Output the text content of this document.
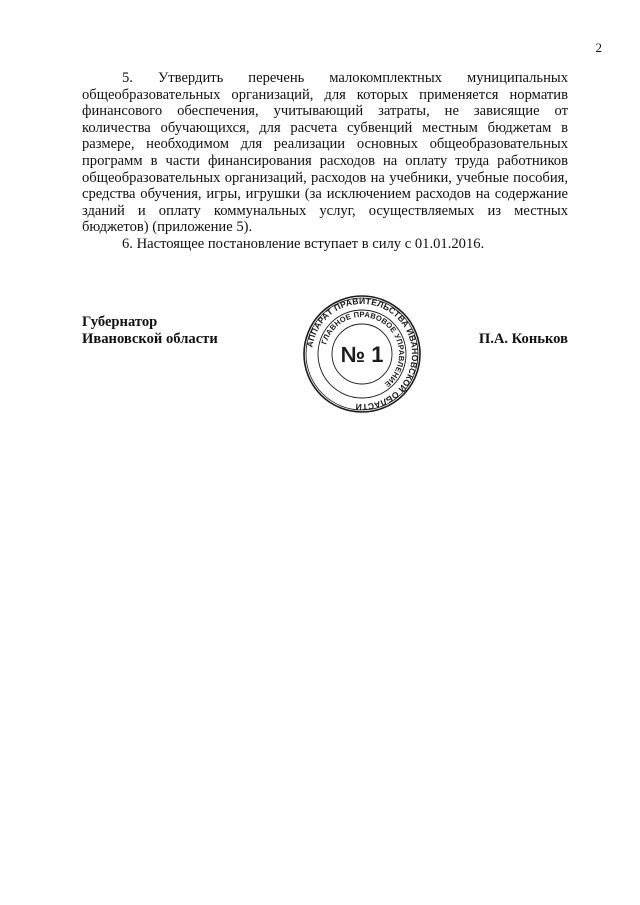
2

5. Утвердить перечень малокомплектных муниципальных общеобразовательных организаций, для которых применяется норматив финансового обеспечения, учитывающий затраты, не зависящие от количества обучающихся, для расчета субвенций местным бюджетам в размере, необходимом для реализации основных общеобразовательных программ в части финансирования расходов на оплату труда работников общеобразовательных организаций, расходов на учебники, учебные пособия, средства обучения, игры, игрушки (за исключением расходов на содержание зданий и оплату коммунальных услуг, осуществляемых из местных бюджетов) (приложение 5).

6. Настоящее постановление вступает в силу с 01.01.2016.

Губернатор
Ивановской области	АППАРАТ ПРАВИТЕЛЬСТВА ИВАНОВСКОЙ ОБЛАСТИ
ГЛАВНОЕ ПРАВОВОЕ УПРАВЛЕНИЕ
№ 1
П.А. Коньков
